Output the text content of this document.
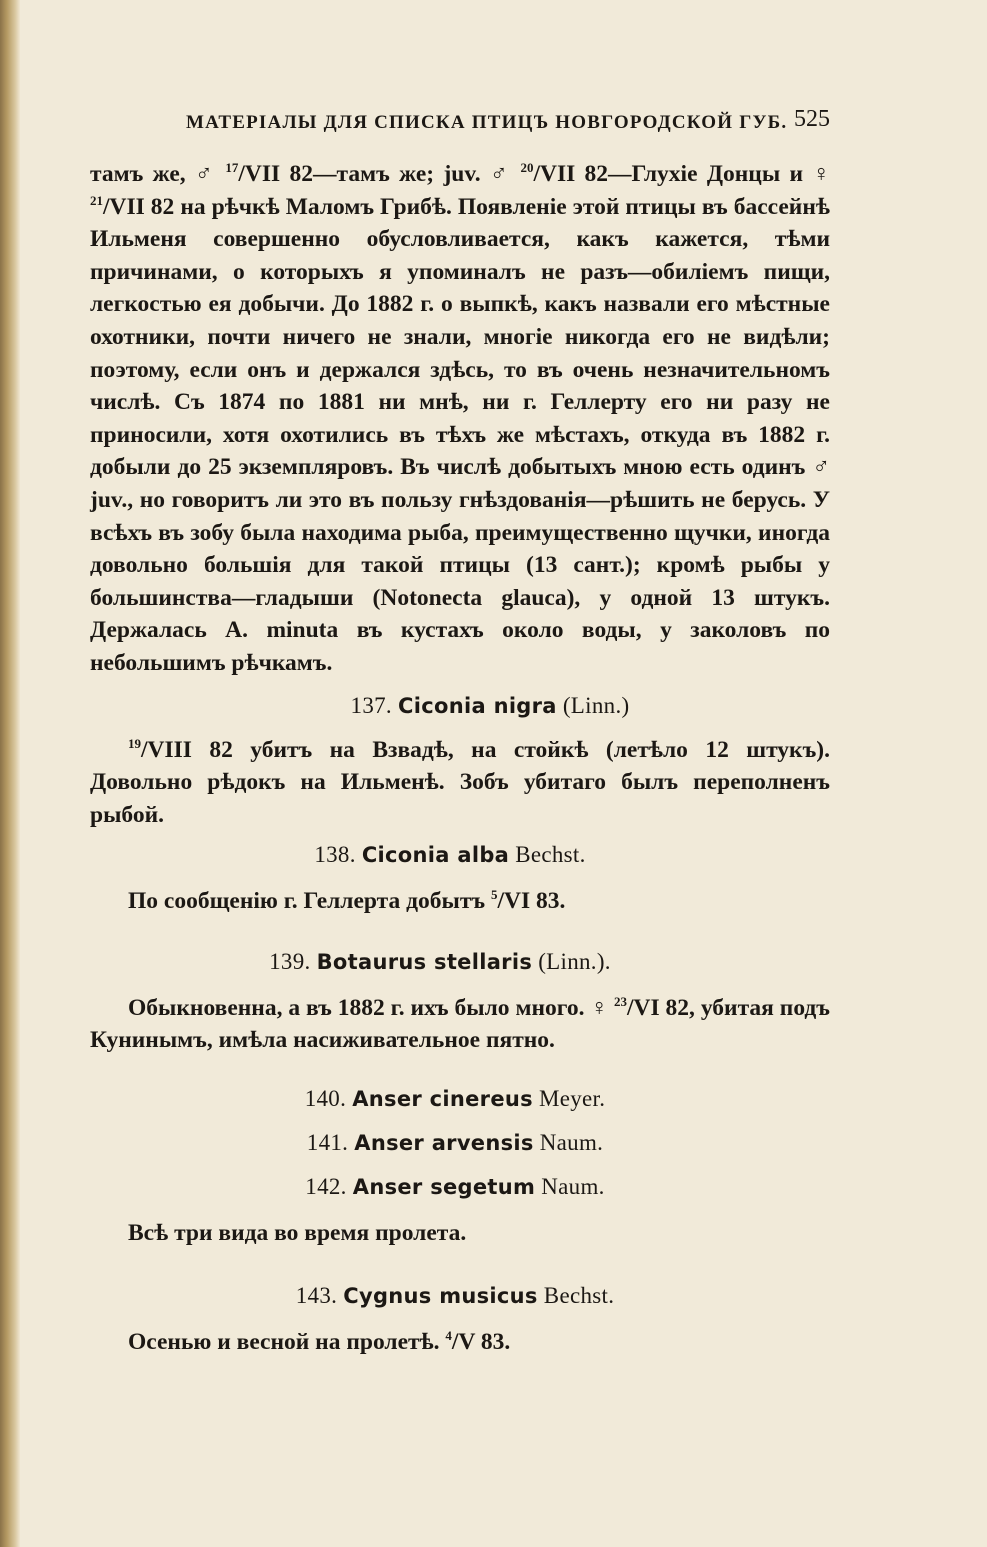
МАТЕРІАЛЫ ДЛЯ СПИСКА ПТИЦЪ НОВГОРОДСКОЙ ГУБ. 525

тамъ же, ♂ $^{17}$/VII 82—тамъ же; juv. ♂ $^{20}$/VII 82—Глухіе Донцы и ♀ $^{21}$/VII 82 на рѣчкѣ Маломъ Грибѣ. Появленіе этой птицы въ бассейнѣ Ильменя совершенно обусловливается, какъ кажется, тѣми причинами, о которыхъ я упоминалъ не разъ—обиліемъ пищи, легкостью ея добычи. До 1882 г. о выпкѣ, какъ назвали его мѣстные охотники, почти ничего не знали, многіе никогда его не видѣли; поэтому, если онъ и держался здѣсь, то въ очень незначительномъ числѣ. Съ 1874 по 1881 ни мнѣ, ни г. Геллерту его ни разу не приносили, хотя охотились въ тѣхъ же мѣстахъ, откуда въ 1882 г. добыли до 25 экземпляровъ. Въ числѣ добытыхъ мною есть одинъ ♂ juv., но говоритъ ли это въ пользу гнѣздованія—рѣшить не берусь. У всѣхъ въ зобу была находима рыба, преимущественно щучки, иногда довольно большія для такой птицы (13 сант.); кромѣ рыбы у большинства—гладыши (Notonecta glauca), у одной 13 штукъ. Держалась A. minuta въ кустахъ около воды, у заколовъ по небольшимъ рѣчкамъ.

137. Ciconia nigra (Linn.)

$^{19}$/VIII 82 убитъ на Взвадѣ, на стойкѣ (летѣло 12 штукъ). Довольно рѣдокъ на Ильменѣ. Зобъ убитаго былъ переполненъ рыбой.

138. Ciconia alba Bechst.

По сообщенію г. Геллерта добытъ $^5$/VI 83.

139. Botaurus stellaris (Linn.).

Обыкновенна, а въ 1882 г. ихъ было много. ♀ $^{23}$/VI 82, убитая подъ Кунинымъ, имѣла насиживательное пятно.

140. Anser cinereus Meyer.
141. Anser arvensis Naum.
142. Anser segetum Naum.

Всѣ три вида во время пролета.

143. Cygnus musicus Bechst.

Осенью и весной на пролетѣ. $^4$/V 83.
